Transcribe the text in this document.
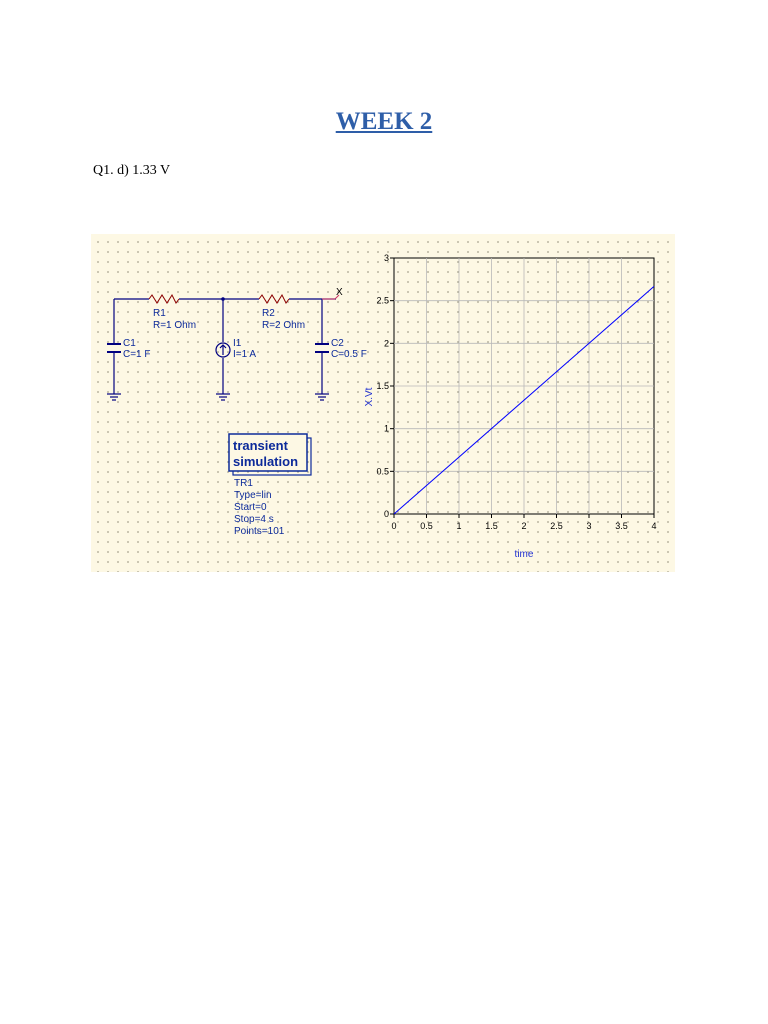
WEEK 2
Q1. d) 1.33 V
X
R1
R=1 Ohm
R2
R=2 Ohm
C1
C=1 F
I1
I=1 A
C2
C=0.5 F
transient
simulation
TR1
Type=lin
Start=0
Stop=4 s
Points=101	0	0.5	1	1.5	2	2.5	3	3.5	4
0
0.5
1
1.5
2
2.5
3
time
X.Vt
